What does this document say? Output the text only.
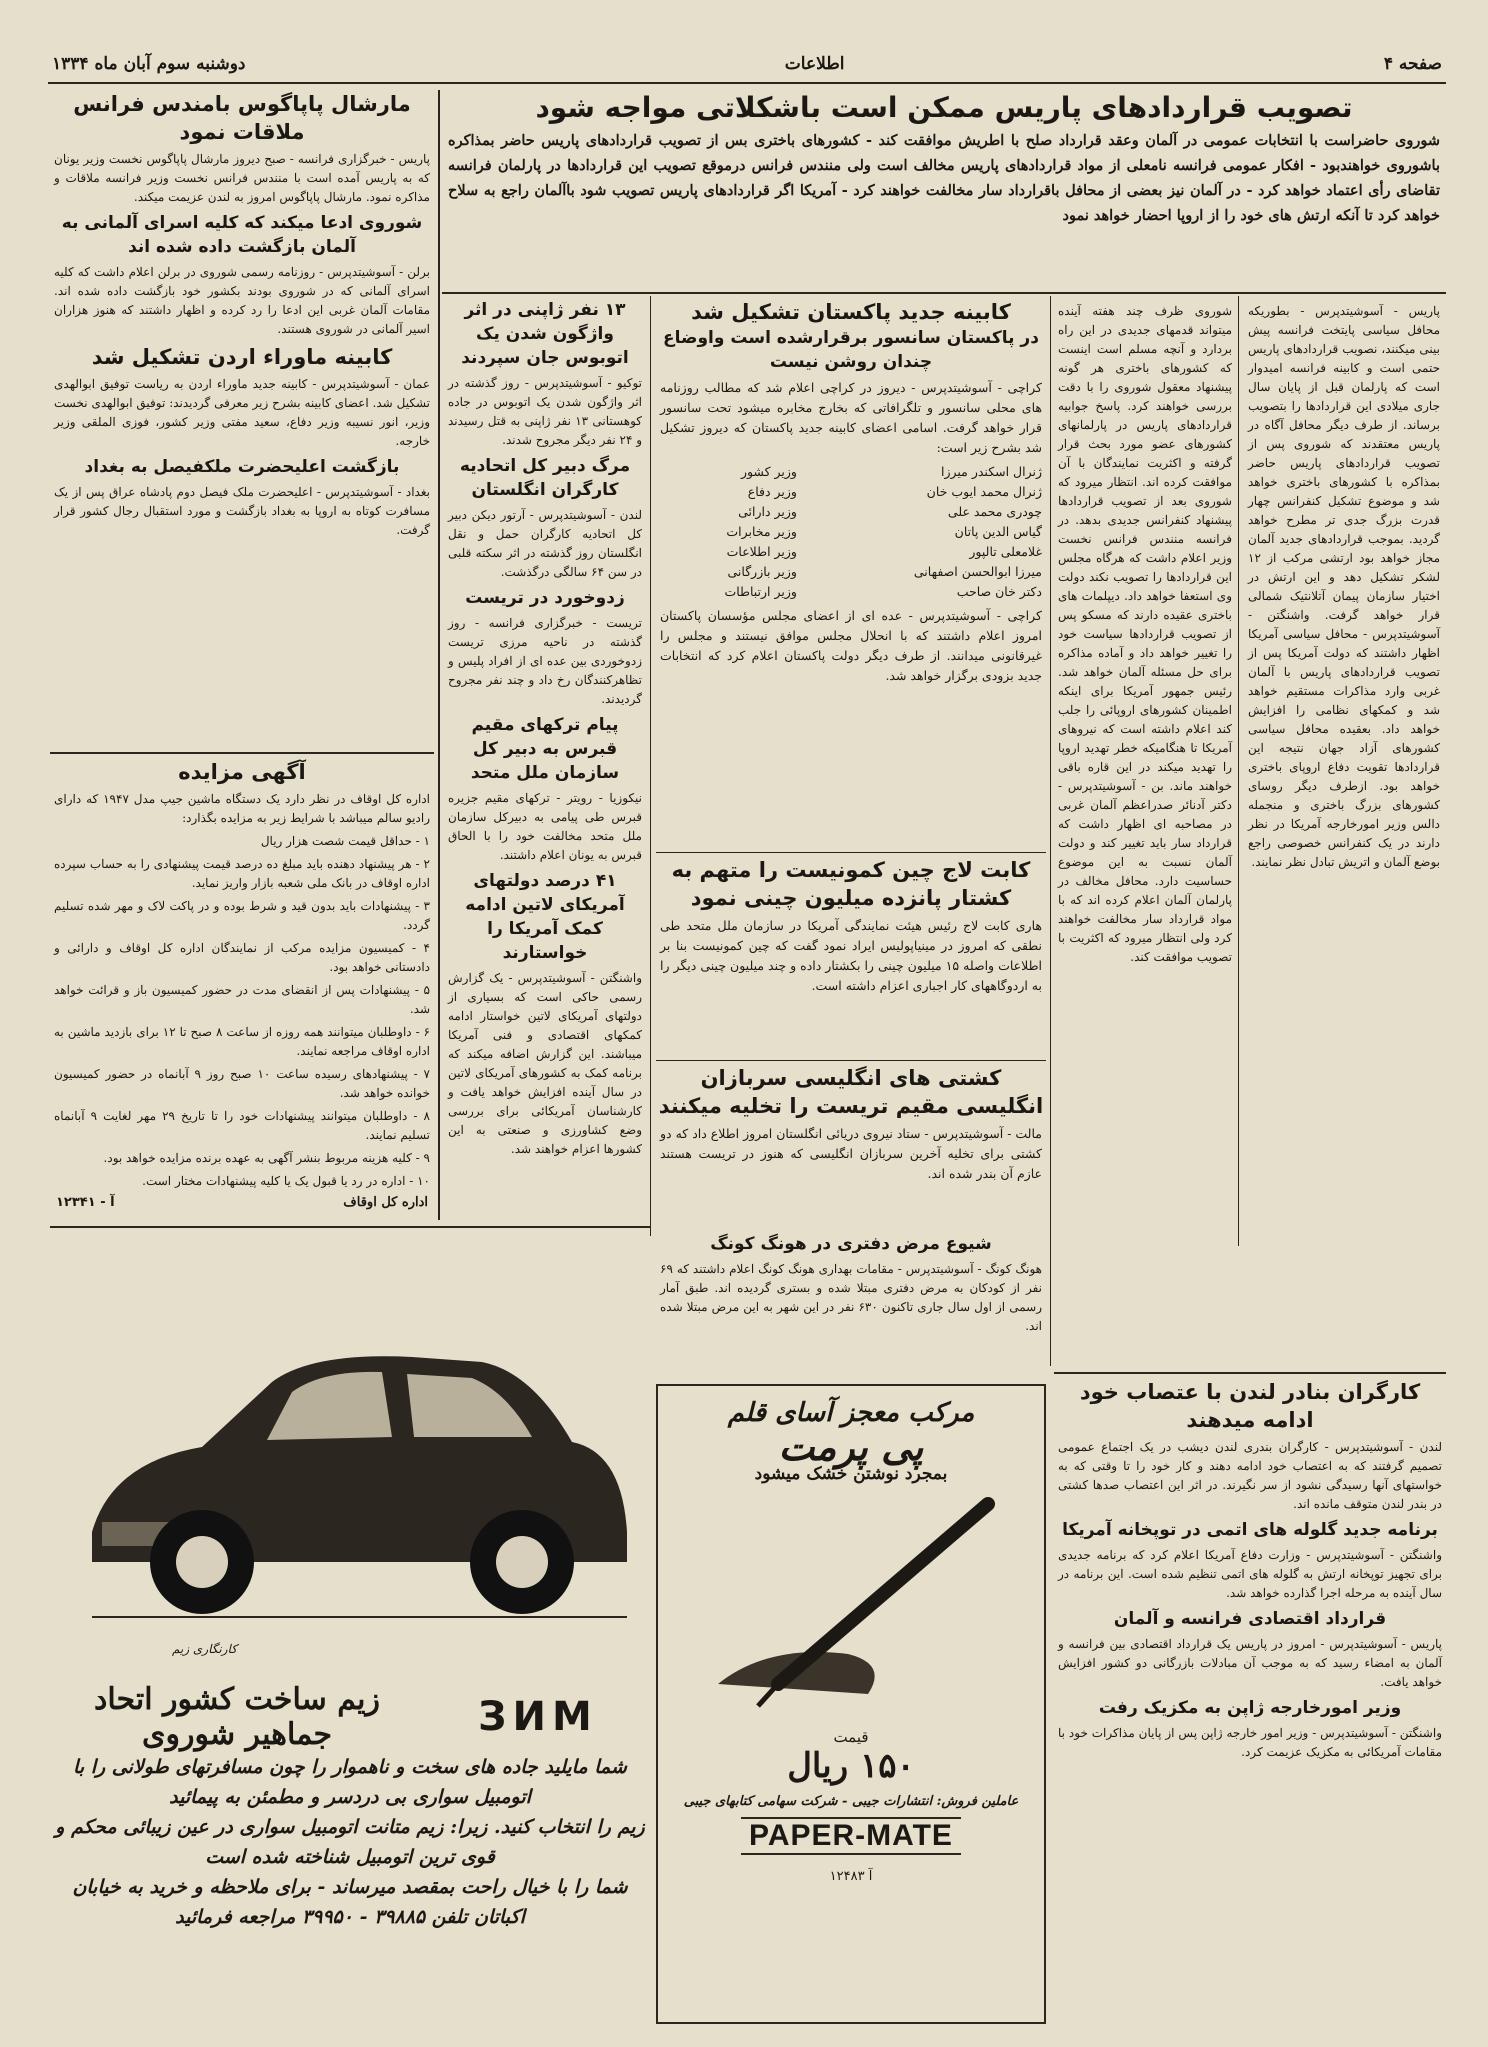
صفحه ۴
اطلاعات
دوشنبه سوم آبان ماه ۱۳۳۴
تصویب قراردادهای پاریس ممکن است باشکلاتی مواجه شود
شوروی حاضراست با انتخابات عمومی در آلمان وعقد قرارداد صلح با اطریش موافقت کند - کشورهای باختری بس از تصویب قراردادهای پاریس حاضر بمذاکره باشوروی خواهندبود - افکار عمومی فرانسه نامعلی از مواد قراردادهای پاریس مخالف است ولی منندس فرانس درموقع تصویب این قراردادها در پارلمان فرانسه تقاضای رأی اعتماد خواهد کرد - در آلمان نیز بعضی از محافل باقرارداد سار مخالفت خواهند کرد - آمریکا اگر قراردادهای پاریس تصویب شود باآلمان راجع به سلاح خواهد کرد تا آنکه ارتش های خود را از اروپا احضار خواهد نمود

پاریس - آسوشیتدپرس - بطوریکه محافل سیاسی پایتخت فرانسه پیش بینی میکنند، نصویب قراردادهای پاریس حتمی است و کابینه فرانسه امیدوار است که پارلمان قبل از پایان سال جاری میلادی این قراردادها را بتصویب برساند. از طرف دیگر محافل آگاه در پاریس معتقدند که شوروی پس از تصویب قراردادهای پاریس حاضر بمذاکره با کشورهای باختری خواهد شد و موضوع تشکیل کنفرانس چهار قدرت بزرگ جدی تر مطرح خواهد گردید. بموجب قراردادهای جدید آلمان مجاز خواهد بود ارتشی مرکب از ۱۲ لشکر تشکیل دهد و این ارتش در اختیار سازمان پیمان آتلانتیک شمالی قرار خواهد گرفت. واشنگتن - آسوشیتدپرس - محافل سیاسی آمریکا اظهار داشتند که دولت آمریکا پس از تصویب قراردادهای پاریس با آلمان غربی وارد مذاکرات مستقیم خواهد شد و کمکهای نظامی را افزایش خواهد داد. بعقیده محافل سیاسی کشورهای آزاد جهان نتیجه این قراردادها تقویت دفاع اروپای باختری خواهد بود. ازطرف دیگر روسای کشورهای بزرگ باختری و منجمله دالس وزیر امورخارجه آمریکا در نظر دارند در یک کنفرانس خصوصی راجع بوضع آلمان و اتریش تبادل نظر نمایند.

شوروی ظرف چند هفته آینده میتواند قدمهای جدیدی در این راه بردارد و آنچه مسلم است اینست که کشورهای باختری هر گونه پیشنهاد معقول شوروی را با دقت بررسی خواهند کرد. پاسخ جوابیه قراردادهای پاریس در پارلمانهای کشورهای عضو مورد بحث قرار گرفته و اکثریت نمایندگان با آن موافقت کرده اند. انتظار میرود که شوروی بعد از تصویب قراردادها پیشنهاد کنفرانس جدیدی بدهد. در فرانسه منندس فرانس نخست وزیر اعلام داشت که هرگاه مجلس این قراردادها را تصویب نکند دولت وی استعفا خواهد داد. دیپلمات های باختری عقیده دارند که مسکو پس از تصویب قراردادها سیاست خود را تغییر خواهد داد و آماده مذاکره برای حل مسئله آلمان خواهد شد. رئیس جمهور آمریکا برای اینکه اطمینان کشورهای اروپائی را جلب کند اعلام داشته است که نیروهای آمریکا تا هنگامیکه خطر تهدید اروپا را تهدید میکند در این قاره باقی خواهند ماند. بن - آسوشیتدپرس - دکتر آدنائر صدراعظم آلمان غربی در مصاحبه ای اظهار داشت که قرارداد سار باید تغییر کند و دولت آلمان نسبت به این موضوع حساسیت دارد. محافل مخالف در پارلمان آلمان اعلام کرده اند که با مواد قرارداد سار مخالفت خواهند کرد ولی انتظار میرود که اکثریت با تصویب موافقت کند.

کابینه جدید پاکستان تشکیل شد
در پاکستان سانسور برقرارشده است واوضاع چندان روشن نیست

کراچی - آسوشیتدپرس - دیروز در کراچی اعلام شد که مطالب روزنامه های محلی سانسور و تلگرافاتی که بخارج مخابره میشود تحت سانسور قرار خواهد گرفت. اسامی اعضای کابینه جدید پاکستان که دیروز تشکیل شد بشرح زیر است:

ژنرال اسکندر میرزا	وزیر کشور
ژنرال محمد ایوب خان	وزیر دفاع
چودری محمد علی	وزیر دارائی
گیاس الدین پاتان	وزیر مخابرات
غلامعلی تالپور	وزیر اطلاعات
میرزا ابوالحسن اصفهانی	وزیر بازرگانی
دکتر خان صاحب	وزیر ارتباطات

کراچی - آسوشیتدپرس - عده ای از اعضای مجلس مؤسسان پاکستان امروز اعلام داشتند که با انحلال مجلس موافق نیستند و مجلس را غیرقانونی میدانند. از طرف دیگر دولت پاکستان اعلام کرد که انتخابات جدید بزودی برگزار خواهد شد.

کابت لاج چین کمونیست را متهم به کشتار پانزده میلیون چینی نمود

هاری کابت لاج رئیس هیئت نمایندگی آمریکا در سازمان ملل متحد طی نطقی که امروز در مینیاپولیس ایراد نمود گفت که چین کمونیست بنا بر اطلاعات واصله ۱۵ میلیون چینی را بکشتار داده و چند میلیون چینی دیگر را به اردوگاههای کار اجباری اعزام داشته است.

کشتی های انگلیسی سربازان انگلیسی مقیم تریست را تخلیه میکنند

مالت - آسوشیتدپرس - ستاد نیروی دریائی انگلستان امروز اطلاع داد که دو کشتی برای تخلیه آخرین سربازان انگلیسی که هنوز در تریست هستند عازم آن بندر شده اند.

۱۳ نفر ژاپنی در اثر واژگون شدن یک اتوبوس جان سپردند

توکیو - آسوشیتدپرس - روز گذشته در اثر واژگون شدن یک اتوبوس در جاده کوهستانی ۱۳ نفر ژاپنی به قتل رسیدند و ۲۴ نفر دیگر مجروح شدند.

مرگ دبیر کل اتحادیه کارگران انگلستان

لندن - آسوشیتدپرس - آرتور دیکن دبیر کل اتحادیه کارگران حمل و نقل انگلستان روز گذشته در اثر سکته قلبی در سن ۶۴ سالگی درگذشت.

زدوخورد در تریست

تریست - خبرگزاری فرانسه - روز گذشته در ناحیه مرزی تریست زدوخوردی بین عده ای از افراد پلیس و تظاهرکنندگان رخ داد و چند نفر مجروح گردیدند.

پیام ترکهای مقیم قبرس به دبیر کل سازمان ملل متحد

نیکوزیا - رویتر - ترکهای مقیم جزیره قبرس طی پیامی به دبیرکل سازمان ملل متحد مخالفت خود را با الحاق قبرس به یونان اعلام داشتند.

۴۱ درصد دولتهای آمریکای لاتین ادامه کمک آمریکا را خواستارند

واشنگتن - آسوشیتدپرس - یک گزارش رسمی حاکی است که بسیاری از دولتهای آمریکای لاتین خواستار ادامه کمکهای اقتصادی و فنی آمریکا میباشند. این گزارش اضافه میکند که برنامه کمک به کشورهای آمریکای لاتین در سال آینده افزایش خواهد یافت و کارشناسان آمریکائی برای بررسی وضع کشاورزی و صنعتی به این کشورها اعزام خواهند شد.

مارشال پاپاگوس بامندس فرانس ملاقات نمود

پاریس - خبرگزاری فرانسه - صبح دیروز مارشال پاپاگوس نخست وزیر یونان که به پاریس آمده است با منندس فرانس نخست وزیر فرانسه ملاقات و مذاکره نمود. مارشال پاپاگوس امروز به لندن عزیمت میکند.

شوروی ادعا میکند که کلیه اسرای آلمانی به آلمان بازگشت داده شده اند

برلن - آسوشیتدپرس - روزنامه رسمی شوروی در برلن اعلام داشت که کلیه اسرای آلمانی که در شوروی بودند بکشور خود بازگشت داده شده اند. مقامات آلمان غربی این ادعا را رد کرده و اظهار داشتند که هنوز هزاران اسیر آلمانی در شوروی هستند.

کابینه ماوراء اردن تشکیل شد

عمان - آسوشیتدپرس - کابینه جدید ماوراء اردن به ریاست توفیق ابوالهدی تشکیل شد. اعضای کابینه بشرح زیر معرفی گردیدند: توفیق ابوالهدی نخست وزیر، انور نسیبه وزیر دفاع، سعید مفتی وزیر کشور، فوزی الملقی وزیر خارجه.

بازگشت اعلیحضرت ملکفیصل به بغداد

بغداد - آسوشیتدپرس - اعلیحضرت ملک فیصل دوم پادشاه عراق پس از یک مسافرت کوتاه به اروپا به بغداد بازگشت و مورد استقبال رجال کشور قرار گرفت.

آگهی مزایده

اداره کل اوقاف در نظر دارد یک دستگاه ماشین جیپ مدل ۱۹۴۷ که دارای رادیو سالم میباشد با شرایط زیر به مزایده بگذارد:

۱ - حداقل قیمت شصت هزار ریال

۲ - هر پیشنهاد دهنده باید مبلغ ده درصد قیمت پیشنهادی را به حساب سپرده اداره اوقاف در بانک ملی شعبه بازار واریز نماید.

۳ - پیشنهادات باید بدون قید و شرط بوده و در پاکت لاک و مهر شده تسلیم گردد.

۴ - کمیسیون مزایده مرکب از نمایندگان اداره کل اوقاف و دارائی و دادستانی خواهد بود.

۵ - پیشنهادات پس از انقضای مدت در حضور کمیسیون باز و قرائت خواهد شد.

۶ - داوطلبان میتوانند همه روزه از ساعت ۸ صبح تا ۱۲ برای بازدید ماشین به اداره اوقاف مراجعه نمایند.

۷ - پیشنهادهای رسیده ساعت ۱۰ صبح روز ۹ آبانماه در حضور کمیسیون خوانده خواهد شد.

۸ - داوطلبان میتوانند پیشنهادات خود را تا تاریخ ۲۹ مهر لغایت ۹ آبانماه تسلیم نمایند.

۹ - کلیه هزینه مربوط بنشر آگهی به عهده برنده مزایده خواهد بود.

۱۰ - اداره در رد یا قبول یک یا کلیه پیشنهادات مختار است.

اداره کل اوقاف
آ - ۱۲۳۴۱
شیوع مرض دفتری در هونگ کونگ

هونگ کونگ - آسوشیتدپرس - مقامات بهداری هونگ کونگ اعلام داشتند که ۶۹ نفر از کودکان به مرض دفتری مبتلا شده و بستری گردیده اند. طبق آمار رسمی از اول سال جاری تاکنون ۶۳۰ نفر در این شهر به این مرض مبتلا شده اند.

کارگران بنادر لندن با عتصاب خود ادامه میدهند

لندن - آسوشیتدپرس - کارگران بندری لندن دیشب در یک اجتماع عمومی تصمیم گرفتند که به اعتصاب خود ادامه دهند و کار خود را تا وقتی که به خواستهای آنها رسیدگی نشود از سر نگیرند. در اثر این اعتصاب صدها کشتی در بندر لندن متوقف مانده اند.

برنامه جدید گلوله های اتمی در توپخانه آمریکا

واشنگتن - آسوشیتدپرس - وزارت دفاع آمریکا اعلام کرد که برنامه جدیدی برای تجهیز توپخانه ارتش به گلوله های اتمی تنظیم شده است. این برنامه در سال آینده به مرحله اجرا گذارده خواهد شد.

قرارداد اقتصادی فرانسه و آلمان

پاریس - آسوشیتدپرس - امروز در پاریس یک قرارداد اقتصادی بین فرانسه و آلمان به امضاء رسید که به موجب آن مبادلات بازرگانی دو کشور افزایش خواهد یافت.

وزیر امورخارجه ژاپن به مکزیک رفت

واشنگتن - آسوشیتدپرس - وزیر امور خارجه ژاپن پس از پایان مذاکرات خود با مقامات آمریکائی به مکزیک عزیمت کرد.

کارنگاری زیم
ЗИМ
زیم ساخت کشور اتحاد جماهیر شوروی
شما مایلید جاده های سخت و ناهموار را چون مسافرتهای طولانی را با اتومبیل سواری بی دردسر و مطمئن به پیمائید
زیم را انتخاب کنید. زیرا: زیم متانت اتومبیل سواری در عین زیبائی محکم و قوی ترین اتومبیل شناخته شده است
شما را با خیال راحت بمقصد میرساند - برای ملاحظه و خرید به خیابان اکباتان تلفن ۳۹۸۸۵ - ۳۹۹۵۰ مراجعه فرمائید
مرکب معجز آسای قلم
پی پرمت
بمجرد نوشتن خشک میشود
قیمت
۱۵۰ ریال
عاملین فروش: انتشارات جیبی - شرکت سهامی کتابهای جیبی
PAPER-MATE
آ ۱۲۴۸۳
